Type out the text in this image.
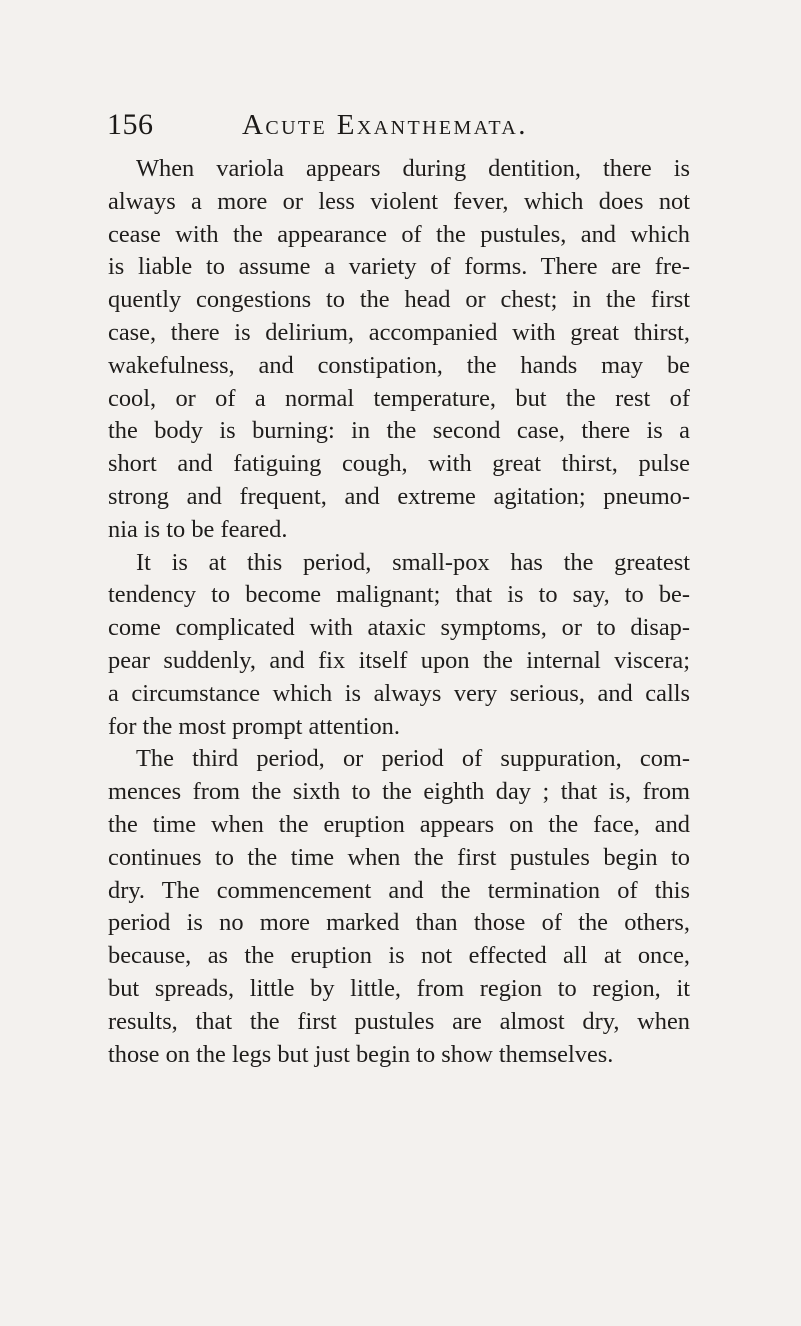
156	Acute Exanthemata.
When variola appears during dentition, there is
always a more or less violent fever, which does not
cease with the appearance of the pustules, and which
is liable to assume a variety of forms. There are fre-
quently congestions to the head or chest; in the first
case, there is delirium, accompanied with great thirst,
wakefulness, and constipation, the hands may be
cool, or of a normal temperature, but the rest of
the body is burning: in the second case, there is a
short and fatiguing cough, with great thirst, pulse
strong and frequent, and extreme agitation; pneumo-
nia is to be feared.
It is at this period, small-pox has the greatest
tendency to become malignant; that is to say, to be-
come complicated with ataxic symptoms, or to disap-
pear suddenly, and fix itself upon the internal viscera;
a circumstance which is always very serious, and calls
for the most prompt attention.
The third period, or period of suppuration, com-
mences from the sixth to the eighth day ; that is, from
the time when the eruption appears on the face, and
continues to the time when the first pustules begin to
dry. The commencement and the termination of this
period is no more marked than those of the others,
because, as the eruption is not effected all at once,
but spreads, little by little, from region to region, it
results, that the first pustules are almost dry, when
those on the legs but just begin to show themselves.
